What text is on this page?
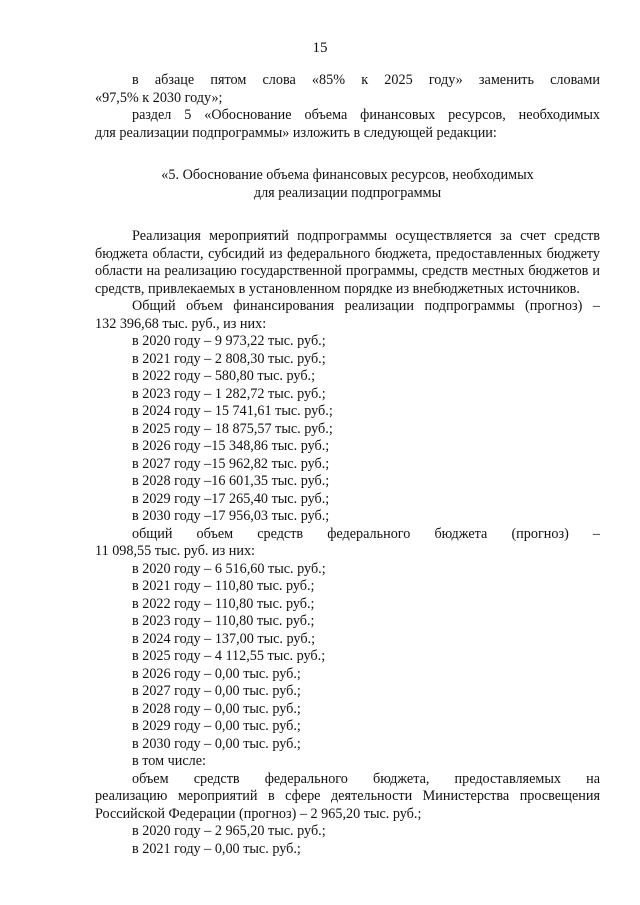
15

в абзаце пятом слова «85% к 2025 году» заменить словами

«97,5% к 2030 году»;

раздел 5 «Обоснование объема финансовых ресурсов, необходимых

для реализации подпрограммы» изложить в следующей редакции:

«5. Обоснование объема финансовых ресурсов, необходимых
для реализации подпрограммы

Реализация мероприятий подпрограммы осуществляется за счет средств бюджета области, субсидий из федерального бюджета, предоставленных бюджету области на реализацию государственной программы, средств местных бюджетов и средств, привлекаемых в установленном порядке из внебюджетных источников.

Общий объем финансирования реализации подпрограммы (прогноз) –

132 396,68 тыс. руб., из них:

в 2020 году – 9 973,22 тыс. руб.;
в 2021 году – 2 808,30 тыс. руб.;
в 2022 году – 580,80 тыс. руб.;
в 2023 году – 1 282,72 тыс. руб.;
в 2024 году – 15 741,61 тыс. руб.;
в 2025 году – 18 875,57 тыс. руб.;
в 2026 году –15 348,86 тыс. руб.;
в 2027 году –15 962,82 тыс. руб.;
в 2028 году –16 601,35 тыс. руб.;
в 2029 году –17 265,40 тыс. руб.;
в 2030 году –17 956,03 тыс. руб.;

общий объем средств федерального бюджета (прогноз) –

11 098,55 тыс. руб. из них:

в 2020 году – 6 516,60 тыс. руб.;
в 2021 году – 110,80 тыс. руб.;
в 2022 году – 110,80 тыс. руб.;
в 2023 году – 110,80 тыс. руб.;
в 2024 году – 137,00 тыс. руб.;
в 2025 году – 4 112,55 тыс. руб.;
в 2026 году – 0,00 тыс. руб.;
в 2027 году – 0,00 тыс. руб.;
в 2028 году – 0,00 тыс. руб.;
в 2029 году – 0,00 тыс. руб.;
в 2030 году – 0,00 тыс. руб.;

в том числе:

объем средств федерального бюджета, предоставляемых на

реализацию мероприятий в сфере деятельности Министерства просвещения

Российской Федерации (прогноз) – 2 965,20 тыс. руб.;

в 2020 году – 2 965,20 тыс. руб.;
в 2021 году – 0,00 тыс. руб.;
